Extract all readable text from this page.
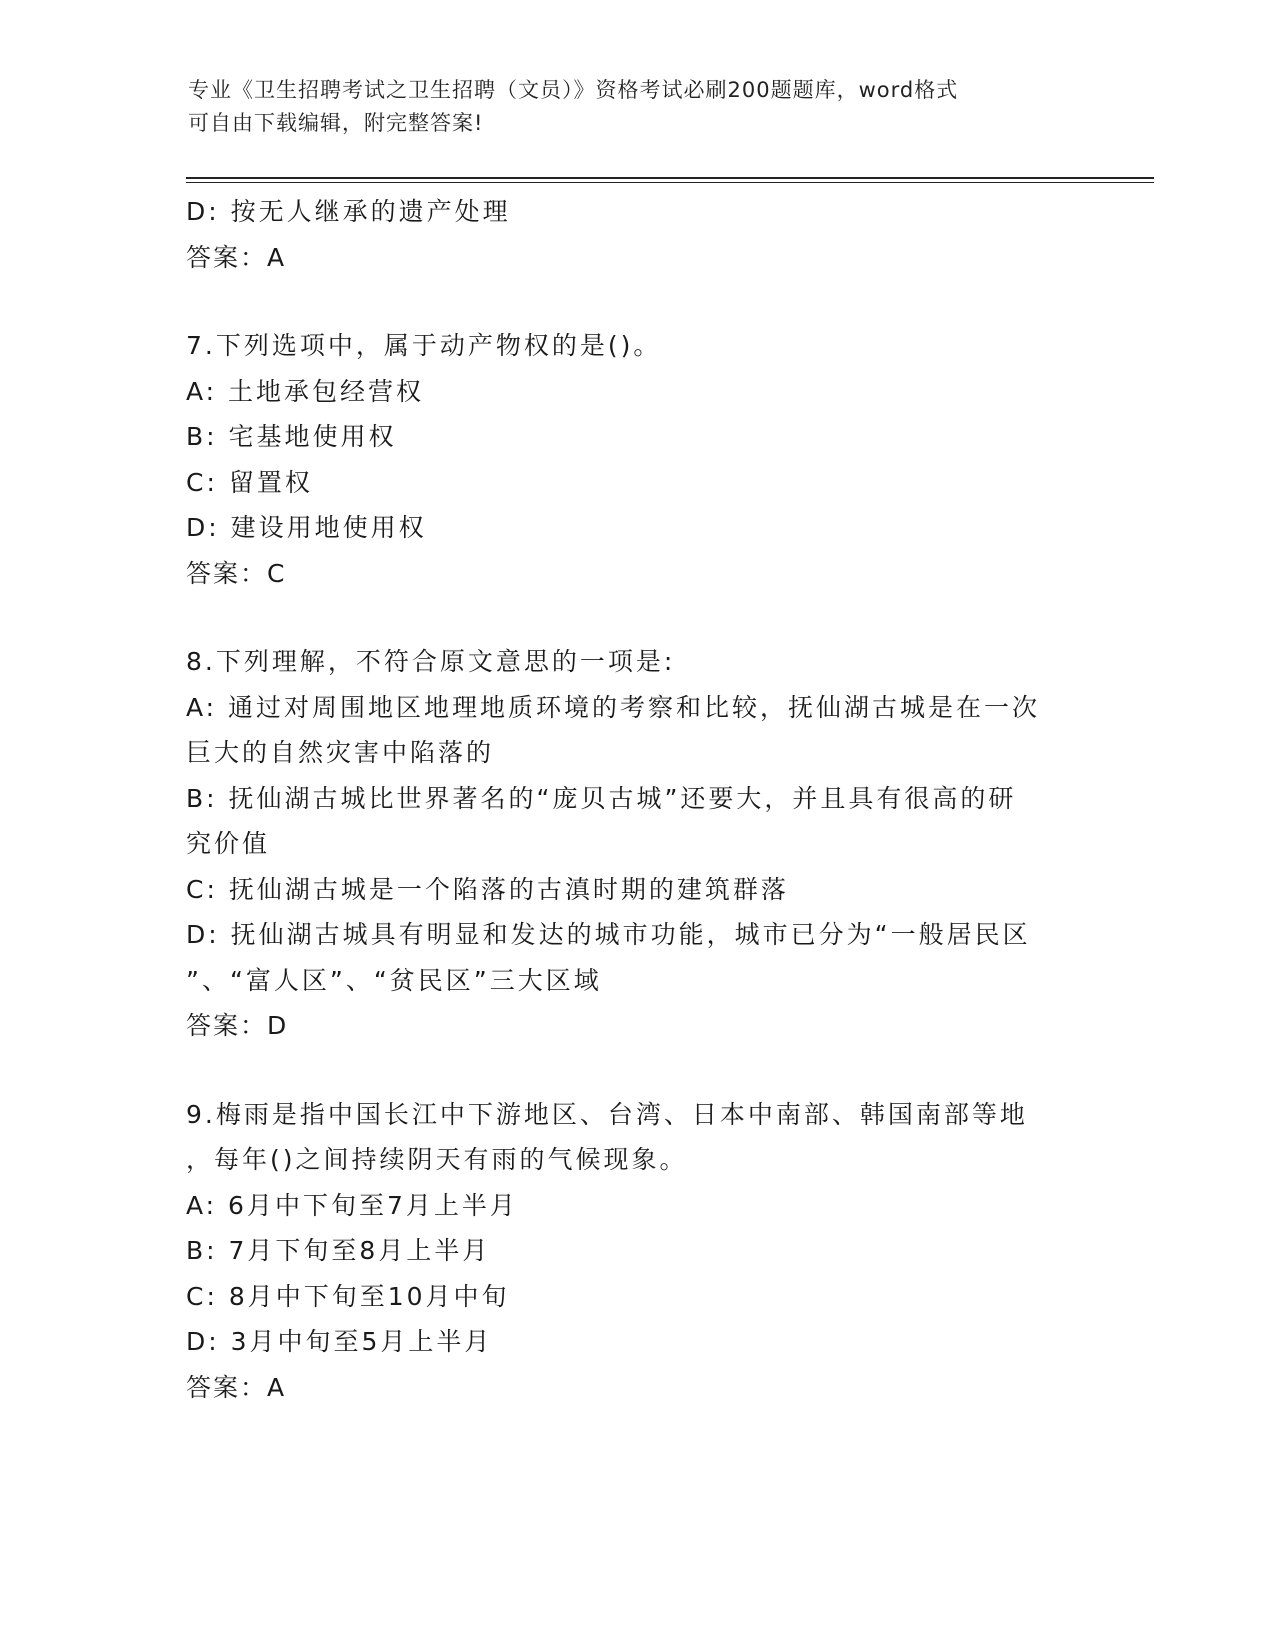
专业《卫生招聘考试之卫生招聘（文员）》资格考试必刷200题题库，word格式
可自由下载编辑，附完整答案!
D: 按无人继承的遗产处理
答案：A
7.下列选项中，属于动产物权的是()。
A: 土地承包经营权
B: 宅基地使用权
C: 留置权
D: 建设用地使用权
答案：C
8.下列理解，不符合原文意思的一项是:
A: 通过对周围地区地理地质环境的考察和比较，抚仙湖古城是在一次
巨大的自然灾害中陷落的
B: 抚仙湖古城比世界著名的“庞贝古城”还要大，并且具有很高的研
究价值
C: 抚仙湖古城是一个陷落的古滇时期的建筑群落
D: 抚仙湖古城具有明显和发达的城市功能，城市已分为“一般居民区
”、“富人区”、“贫民区”三大区域
答案：D
9.梅雨是指中国长江中下游地区、台湾、日本中南部、韩国南部等地
，每年()之间持续阴天有雨的气候现象。
A: 6月中下旬至7月上半月
B: 7月下旬至8月上半月
C: 8月中下旬至10月中旬
D: 3月中旬至5月上半月
答案：A
